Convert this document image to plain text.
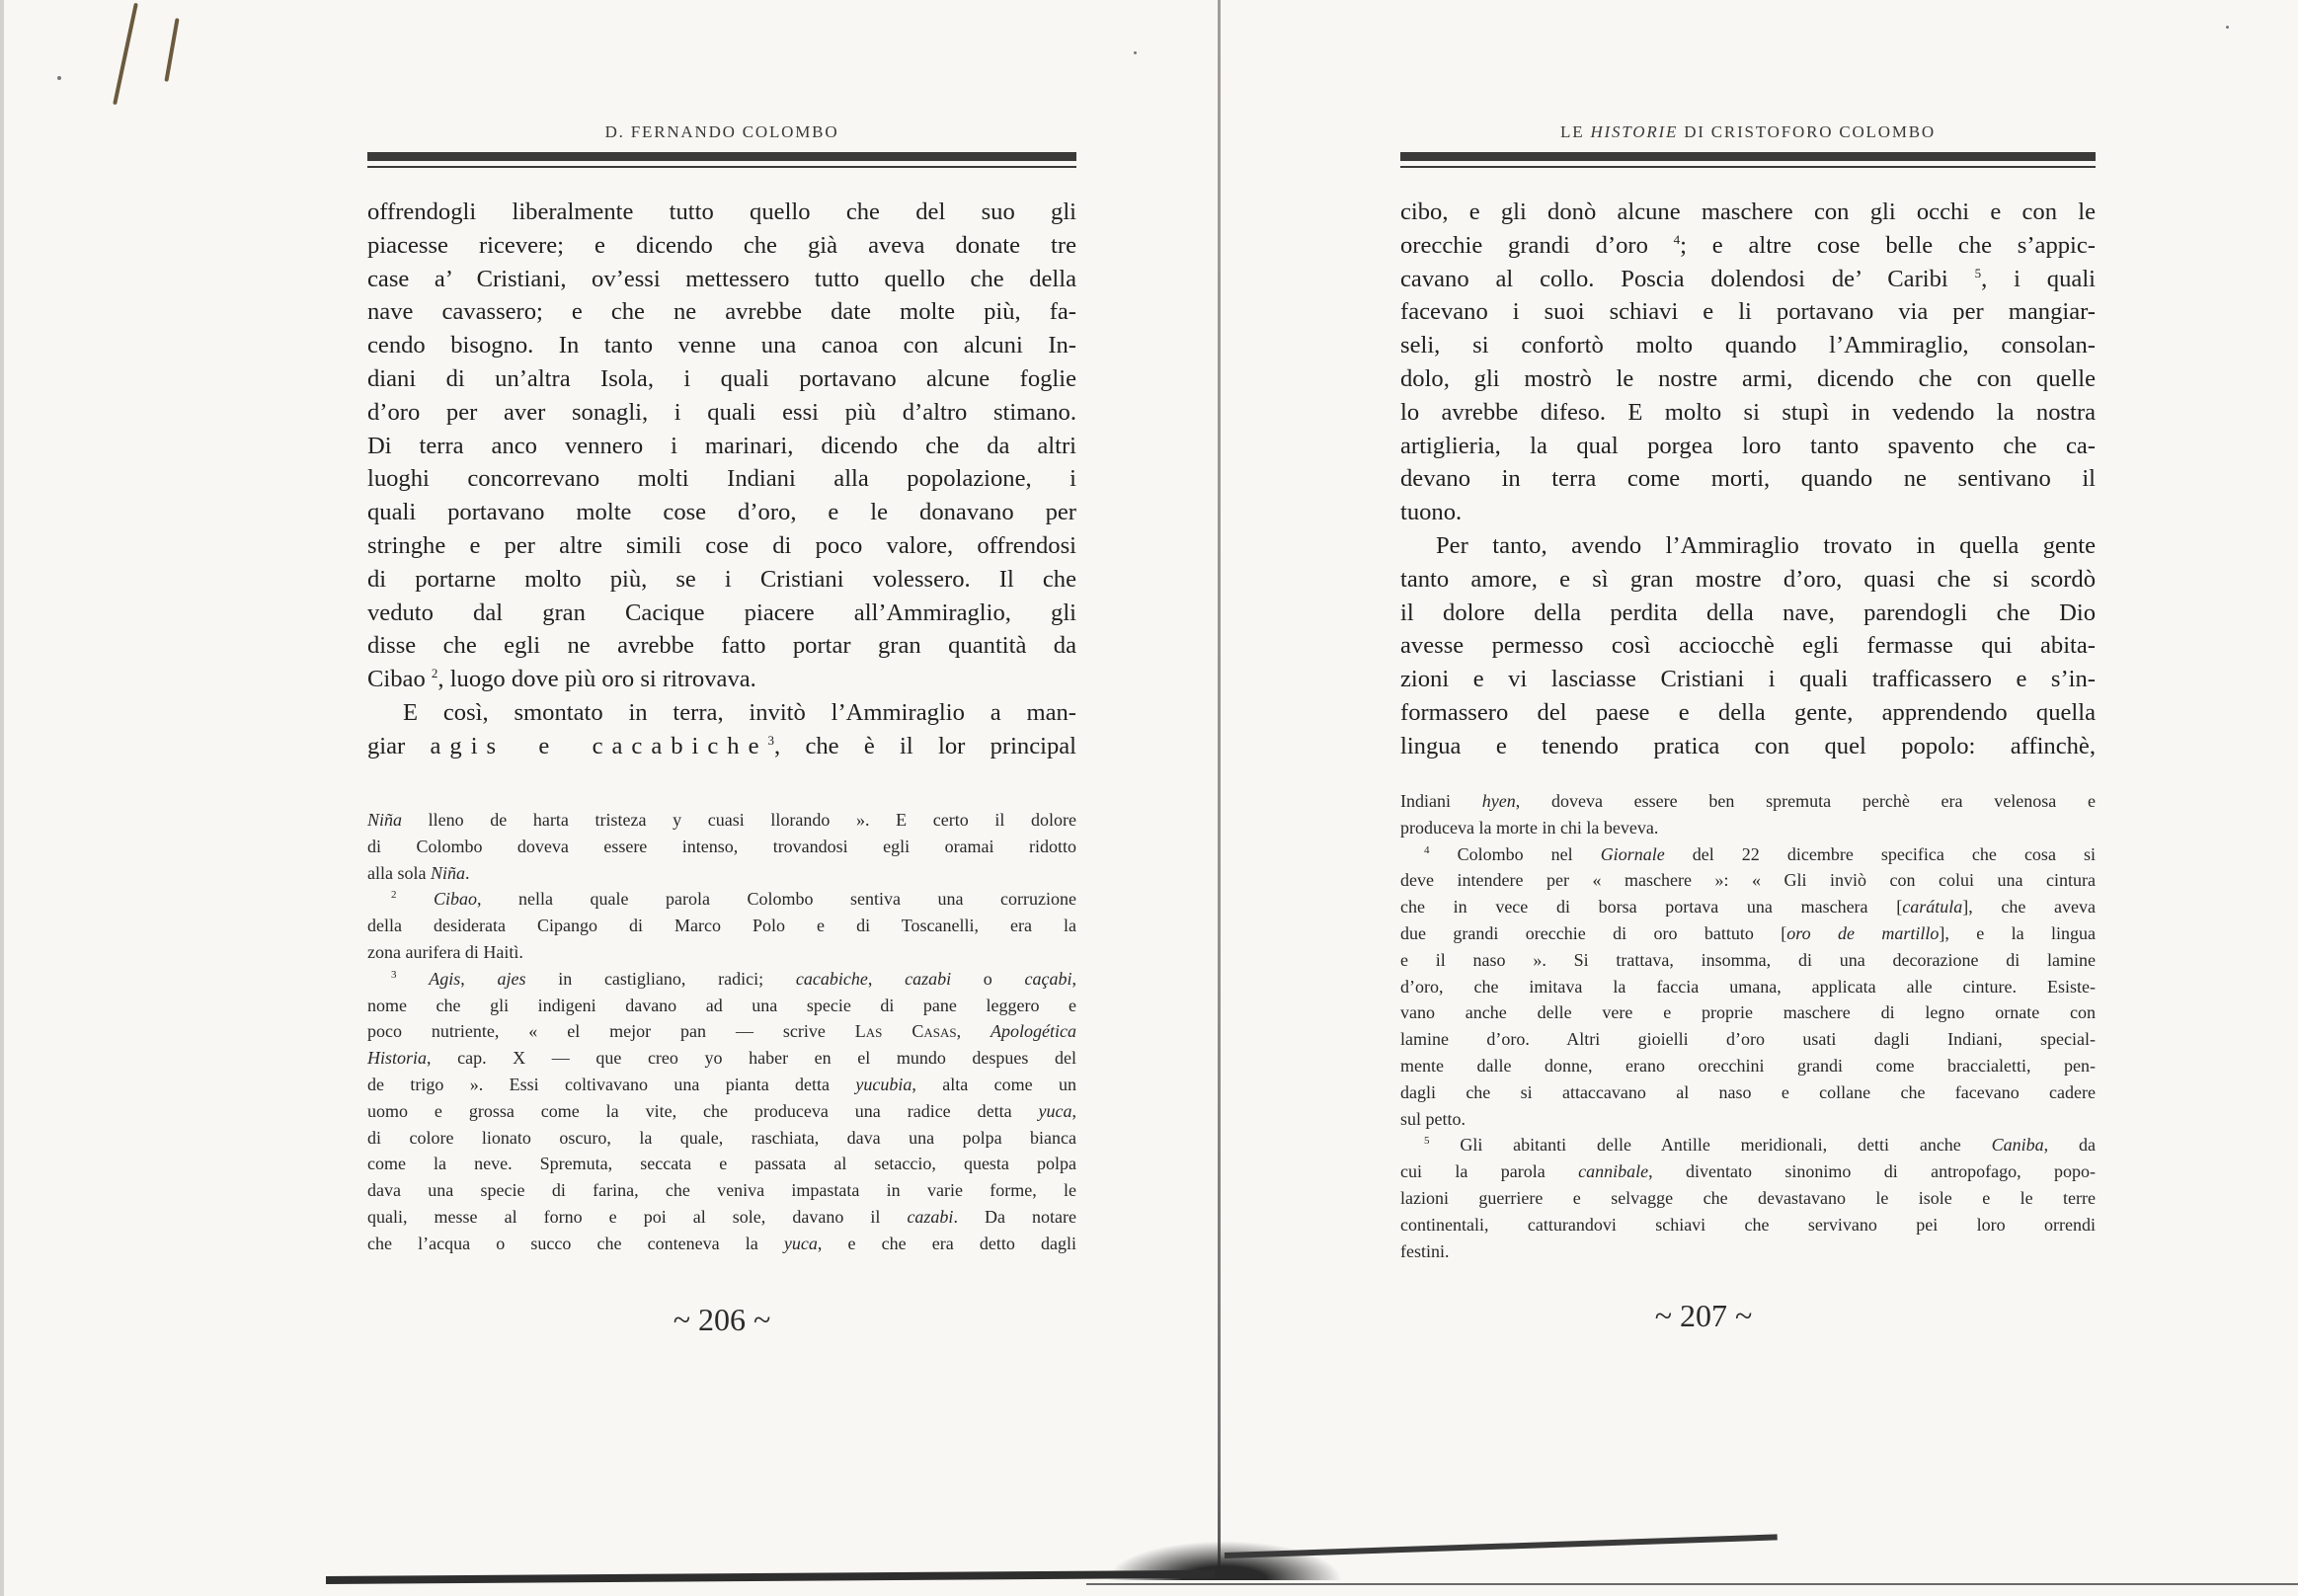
D. FERNANDO COLOMBO
offrendogli liberalmente tutto quello che del suo gli
piacesse ricevere; e dicendo che già aveva donate tre
case a’ Cristiani, ov’essi mettessero tutto quello che della
nave cavassero; e che ne avrebbe date molte più, fa-
cendo bisogno. In tanto venne una canoa con alcuni In-
diani di un’altra Isola, i quali portavano alcune foglie
d’oro per aver sonagli, i quali essi più d’altro stimano.
Di terra anco vennero i marinari, dicendo che da altri
luoghi concorrevano molti Indiani alla popolazione, i
quali portavano molte cose d’oro, e le donavano per
stringhe e per altre simili cose di poco valore, offrendosi
di portarne molto più, se i Cristiani volessero. Il che
veduto dal gran Cacique piacere all’Ammiraglio, gli
disse che egli ne avrebbe fatto portar gran quantità da
Cibao $^2$, luogo dove più oro si ritrovava.
E così, smontato in terra, invitò l’Ammiraglio a man-
giar agis e cacabiche$^3$, che è il lor principal
Niña lleno de harta tristeza y cuasi llorando ». E certo il dolore
di Colombo doveva essere intenso, trovandosi egli oramai ridotto
alla sola Niña.
$^2$ Cibao, nella quale parola Colombo sentiva una corruzione
della desiderata Cipango di Marco Polo e di Toscanelli, era la
zona aurifera di Haitì.
$^3$ Agis, ajes in castigliano, radici; cacabiche, cazabi o caçabi,
nome che gli indigeni davano ad una specie di pane leggero e
poco nutriente, « el mejor pan — scrive Las Casas, Apologética
Historia, cap. X — que creo yo haber en el mundo despues del
de trigo ». Essi coltivavano una pianta detta yucubia, alta come un
uomo e grossa come la vite, che produceva una radice detta yuca,
di colore lionato oscuro, la quale, raschiata, dava una polpa bianca
come la neve. Spremuta, seccata e passata al setaccio, questa polpa
dava una specie di farina, che veniva impastata in varie forme, le
quali, messe al forno e poi al sole, davano il cazabi. Da notare
che l’acqua o succo che conteneva la yuca, e che era detto dagli
~ 206 ~
LE HISTORIE DI CRISTOFORO COLOMBO
cibo, e gli donò alcune maschere con gli occhi e con le
orecchie grandi d’oro $^4$; e altre cose belle che s’appic-
cavano al collo. Poscia dolendosi de’ Caribi $^5$, i quali
facevano i suoi schiavi e li portavano via per mangiar-
seli, si confortò molto quando l’Ammiraglio, consolan-
dolo, gli mostrò le nostre armi, dicendo che con quelle
lo avrebbe difeso. E molto si stupì in vedendo la nostra
artiglieria, la qual porgea loro tanto spavento che ca-
devano in terra come morti, quando ne sentivano il
tuono.
Per tanto, avendo l’Ammiraglio trovato in quella gente
tanto amore, e sì gran mostre d’oro, quasi che si scordò
il dolore della perdita della nave, parendogli che Dio
avesse permesso così acciocchè egli fermasse qui abita-
zioni e vi lasciasse Cristiani i quali trafficassero e s’in-
formassero del paese e della gente, apprendendo quella
lingua e tenendo pratica con quel popolo: affinchè,
Indiani hyen, doveva essere ben spremuta perchè era velenosa e
produceva la morte in chi la beveva.
$^4$ Colombo nel Giornale del 22 dicembre specifica che cosa si
deve intendere per « maschere »: « Gli inviò con colui una cintura
che in vece di borsa portava una maschera [carátula], che aveva
due grandi orecchie di oro battuto [oro de martillo], e la lingua
e il naso ». Si trattava, insomma, di una decorazione di lamine
d’oro, che imitava la faccia umana, applicata alle cinture. Esiste-
vano anche delle vere e proprie maschere di legno ornate con
lamine d’oro. Altri gioielli d’oro usati dagli Indiani, special-
mente dalle donne, erano orecchini grandi come braccialetti, pen-
dagli che si attaccavano al naso e collane che facevano cadere
sul petto.
$^5$ Gli abitanti delle Antille meridionali, detti anche Caniba, da
cui la parola cannibale, diventato sinonimo di antropofago, popo-
lazioni guerriere e selvagge che devastavano le isole e le terre
continentali, catturandovi schiavi che servivano pei loro orrendi
festini.
~ 207 ~
